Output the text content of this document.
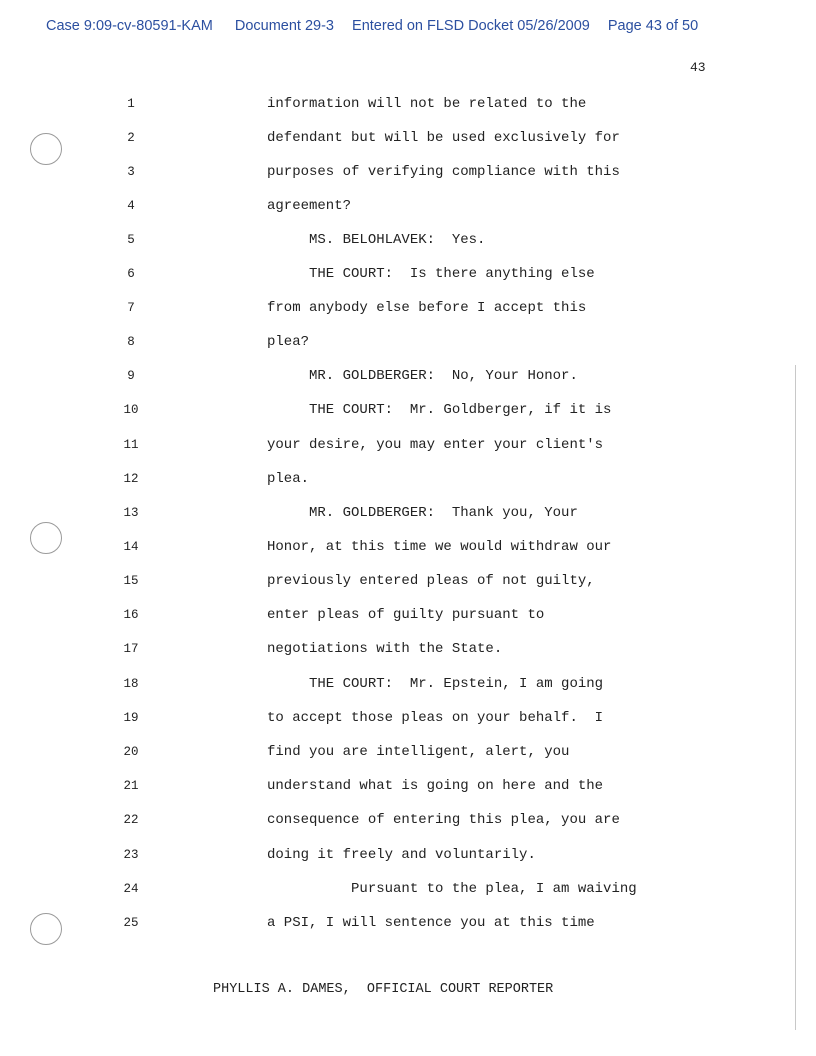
Case 9:09-cv-80591-KAM Document 29-3 Entered on FLSD Docket 05/26/2009 Page 43 of 50
43
1	information will not be related to the
2	defendant but will be used exclusively for
3	purposes of verifying compliance with this
4	agreement?
5	MS. BELOHLAVEK:  Yes.
6	THE COURT:  Is there anything else
7	from anybody else before I accept this
8	plea?
9	MR. GOLDBERGER:  No, Your Honor.
10	THE COURT:  Mr. Goldberger, if it is
11	your desire, you may enter your client's
12	plea.
13	MR. GOLDBERGER:  Thank you, Your
14	Honor, at this time we would withdraw our
15	previously entered pleas of not guilty,
16	enter pleas of guilty pursuant to
17	negotiations with the State.
18	THE COURT:  Mr. Epstein, I am going
19	to accept those pleas on your behalf.  I
20	find you are intelligent, alert, you
21	understand what is going on here and the
22	consequence of entering this plea, you are
23	doing it freely and voluntarily.
24	Pursuant to the plea, I am waiving
25	a PSI, I will sentence you at this time
PHYLLIS A. DAMES,  OFFICIAL COURT REPORTER
